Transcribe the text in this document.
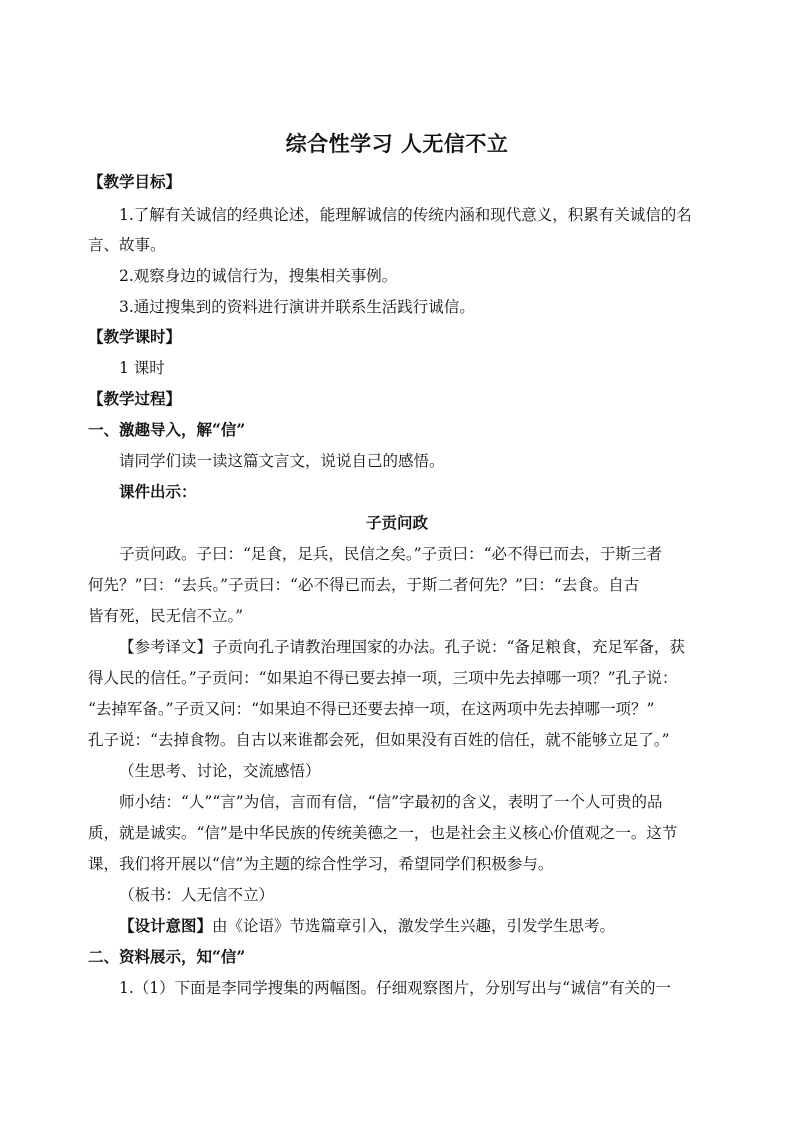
综合性学习 人无信不立
【教学目标】
1.了解有关诚信的经典论述，能理解诚信的传统内涵和现代意义，积累有关诚信的名
言、故事。
2.观察身边的诚信行为，搜集相关事例。
3.通过搜集到的资料进行演讲并联系生活践行诚信。
【教学课时】
1 课时
【教学过程】
一、激趣导入，解“信”
请同学们读一读这篇文言文，说说自己的感悟。
课件出示：
子贡问政
子贡问政。子曰：“足食，足兵，民信之矣。”子贡曰：“必不得已而去，于斯三者
何先？”曰：“去兵。”子贡曰：“必不得已而去，于斯二者何先？”曰：“去食。自古
皆有死，民无信不立。”
【参考译文】子贡向孔子请教治理国家的办法。孔子说：“备足粮食，充足军备，获
得人民的信任。”子贡问：“如果迫不得已要去掉一项，三项中先去掉哪一项？”孔子说：
“去掉军备。”子贡又问：“如果迫不得已还要去掉一项，在这两项中先去掉哪一项？”
孔子说：“去掉食物。自古以来谁都会死，但如果没有百姓的信任，就不能够立足了。”
（生思考、讨论，交流感悟）
师小结：“人”“言”为信，言而有信，“信”字最初的含义，表明了一个人可贵的品
质，就是诚实。“信”是中华民族的传统美德之一，也是社会主义核心价值观之一。这节
课，我们将开展以“信”为主题的综合性学习，希望同学们积极参与。
（板书：人无信不立）
【设计意图】由《论语》节选篇章引入，激发学生兴趣，引发学生思考。
二、资料展示，知“信”
1.（1）下面是李同学搜集的两幅图。仔细观察图片，分别写出与“诚信”有关的一
